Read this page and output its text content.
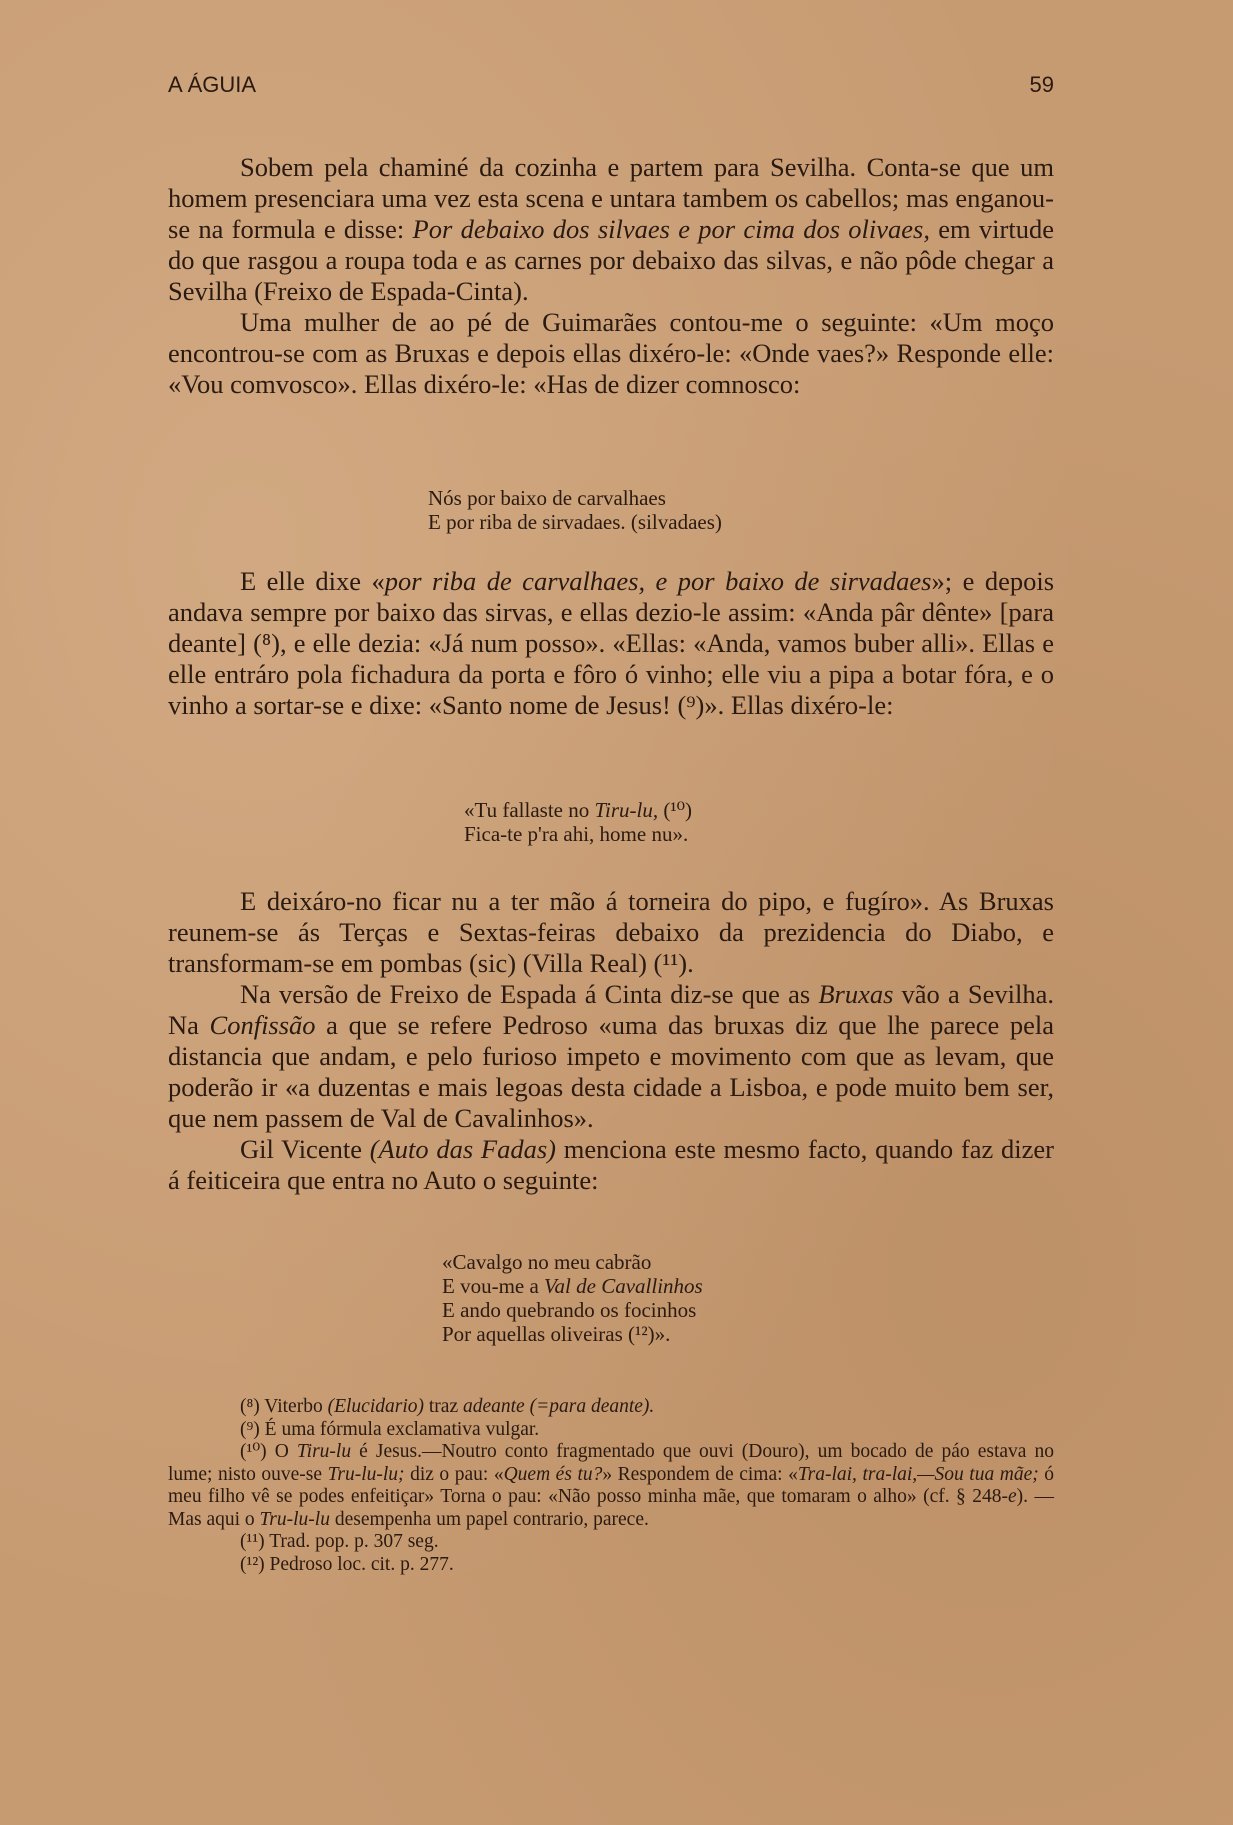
A ÁGUIA	59

Sobem pela chaminé da cozinha e partem para Sevilha. Conta-se que um homem presenciara uma vez esta scena e untara tambem os cabellos; mas enganou-se na formula e disse: Por debaixo dos silvaes e por cima dos olivaes, em virtude do que rasgou a roupa toda e as carnes por debaixo das silvas, e não pôde chegar a Sevilha (Freixo de Espada-Cinta).

Uma mulher de ao pé de Guimarães contou-me o seguinte: «Um moço encontrou-se com as Bruxas e depois ellas dixéro-le: «Onde vaes?» Responde elle: «Vou comvosco». Ellas dixéro-le: «Has de dizer comnosco:

Nós por baixo de carvalhaes
E por riba de sirvadaes. (silvadaes)

E elle dixe «por riba de carvalhaes, e por baixo de sirvadaes»; e depois andava sempre por baixo das sirvas, e ellas dezio-le assim: «Anda pâr dênte» [para deante] (⁸), e elle dezia: «Já num posso». «Ellas: «Anda, vamos buber alli». Ellas e elle entráro pola fichadura da porta e fôro ó vinho; elle viu a pipa a botar fóra, e o vinho a sortar-se e dixe: «Santo nome de Jesus! (⁹)». Ellas dixéro-le:

«Tu fallaste no Tiru-lu, (¹⁰)
Fica-te p'ra ahi, home nu».

E deixáro-no ficar nu a ter mão á torneira do pipo, e fugíro». As Bruxas reunem-se ás Terças e Sextas-feiras debaixo da prezidencia do Diabo, e transformam-se em pombas (sic) (Villa Real) (¹¹).

Na versão de Freixo de Espada á Cinta diz-se que as Bruxas vão a Sevilha. Na Confissão a que se refere Pedroso «uma das bruxas diz que lhe parece pela distancia que andam, e pelo furioso impeto e movimento com que as levam, que poderão ir «a duzentas e mais legoas desta cidade a Lisboa, e pode muito bem ser, que nem passem de Val de Cavalinhos».

Gil Vicente (Auto das Fadas) menciona este mesmo facto, quando faz dizer á feiticeira que entra no Auto o seguinte:

«Cavalgo no meu cabrão
E vou-me a Val de Cavallinhos
E ando quebrando os focinhos
Por aquellas oliveiras (¹²)».

(⁸) Viterbo (Elucidario) traz adeante (=para deante).

(⁹) É uma fórmula exclamativa vulgar.

(¹⁰) O Tiru-lu é Jesus.—Noutro conto fragmentado que ouvi (Douro), um bocado de páo estava no lume; nisto ouve-se Tru-lu-lu; diz o pau: «Quem és tu?» Respondem de cima: «Tra-lai, tra-lai,—Sou tua mãe; ó meu filho vê se podes enfeitiçar» Torna o pau: «Não posso minha mãe, que tomaram o alho» (cf. § 248-e). —Mas aqui o Tru-lu-lu desempenha um papel contrario, parece.

(¹¹) Trad. pop. p. 307 seg.

(¹²) Pedroso loc. cit. p. 277.
